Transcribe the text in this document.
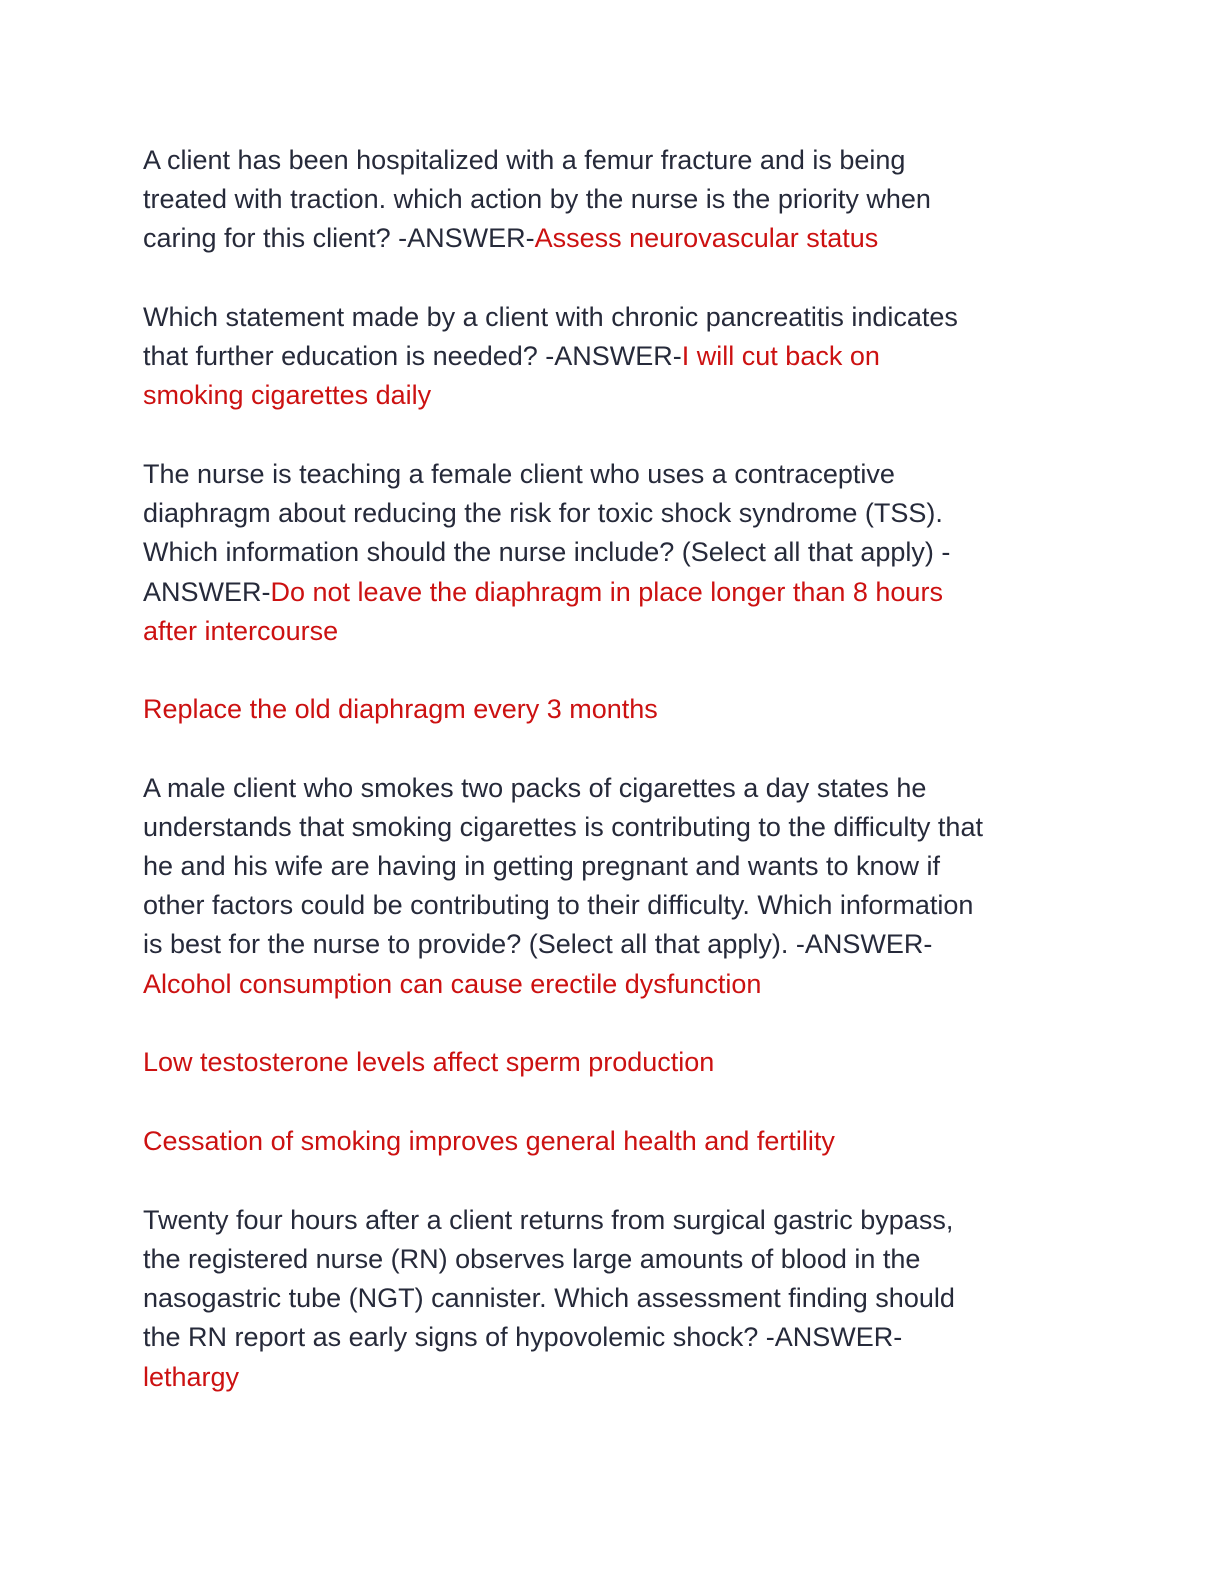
A client has been hospitalized with a femur fracture and is being
treated with traction. which action by the nurse is the priority when
caring for this client? -ANSWER-Assess neurovascular status
Which statement made by a client with chronic pancreatitis indicates
that further education is needed? -ANSWER-I will cut back on
smoking cigarettes daily
The nurse is teaching a female client who uses a contraceptive
diaphragm about reducing the risk for toxic shock syndrome (TSS).
Which information should the nurse include? (Select all that apply) -
ANSWER-Do not leave the diaphragm in place longer than 8 hours
after intercourse
Replace the old diaphragm every 3 months
A male client who smokes two packs of cigarettes a day states he
understands that smoking cigarettes is contributing to the difficulty that
he and his wife are having in getting pregnant and wants to know if
other factors could be contributing to their difficulty. Which information
is best for the nurse to provide? (Select all that apply). -ANSWER-
Alcohol consumption can cause erectile dysfunction
Low testosterone levels affect sperm production
Cessation of smoking improves general health and fertility
Twenty four hours after a client returns from surgical gastric bypass,
the registered nurse (RN) observes large amounts of blood in the
nasogastric tube (NGT) cannister. Which assessment finding should
the RN report as early signs of hypovolemic shock? -ANSWER-
lethargy
